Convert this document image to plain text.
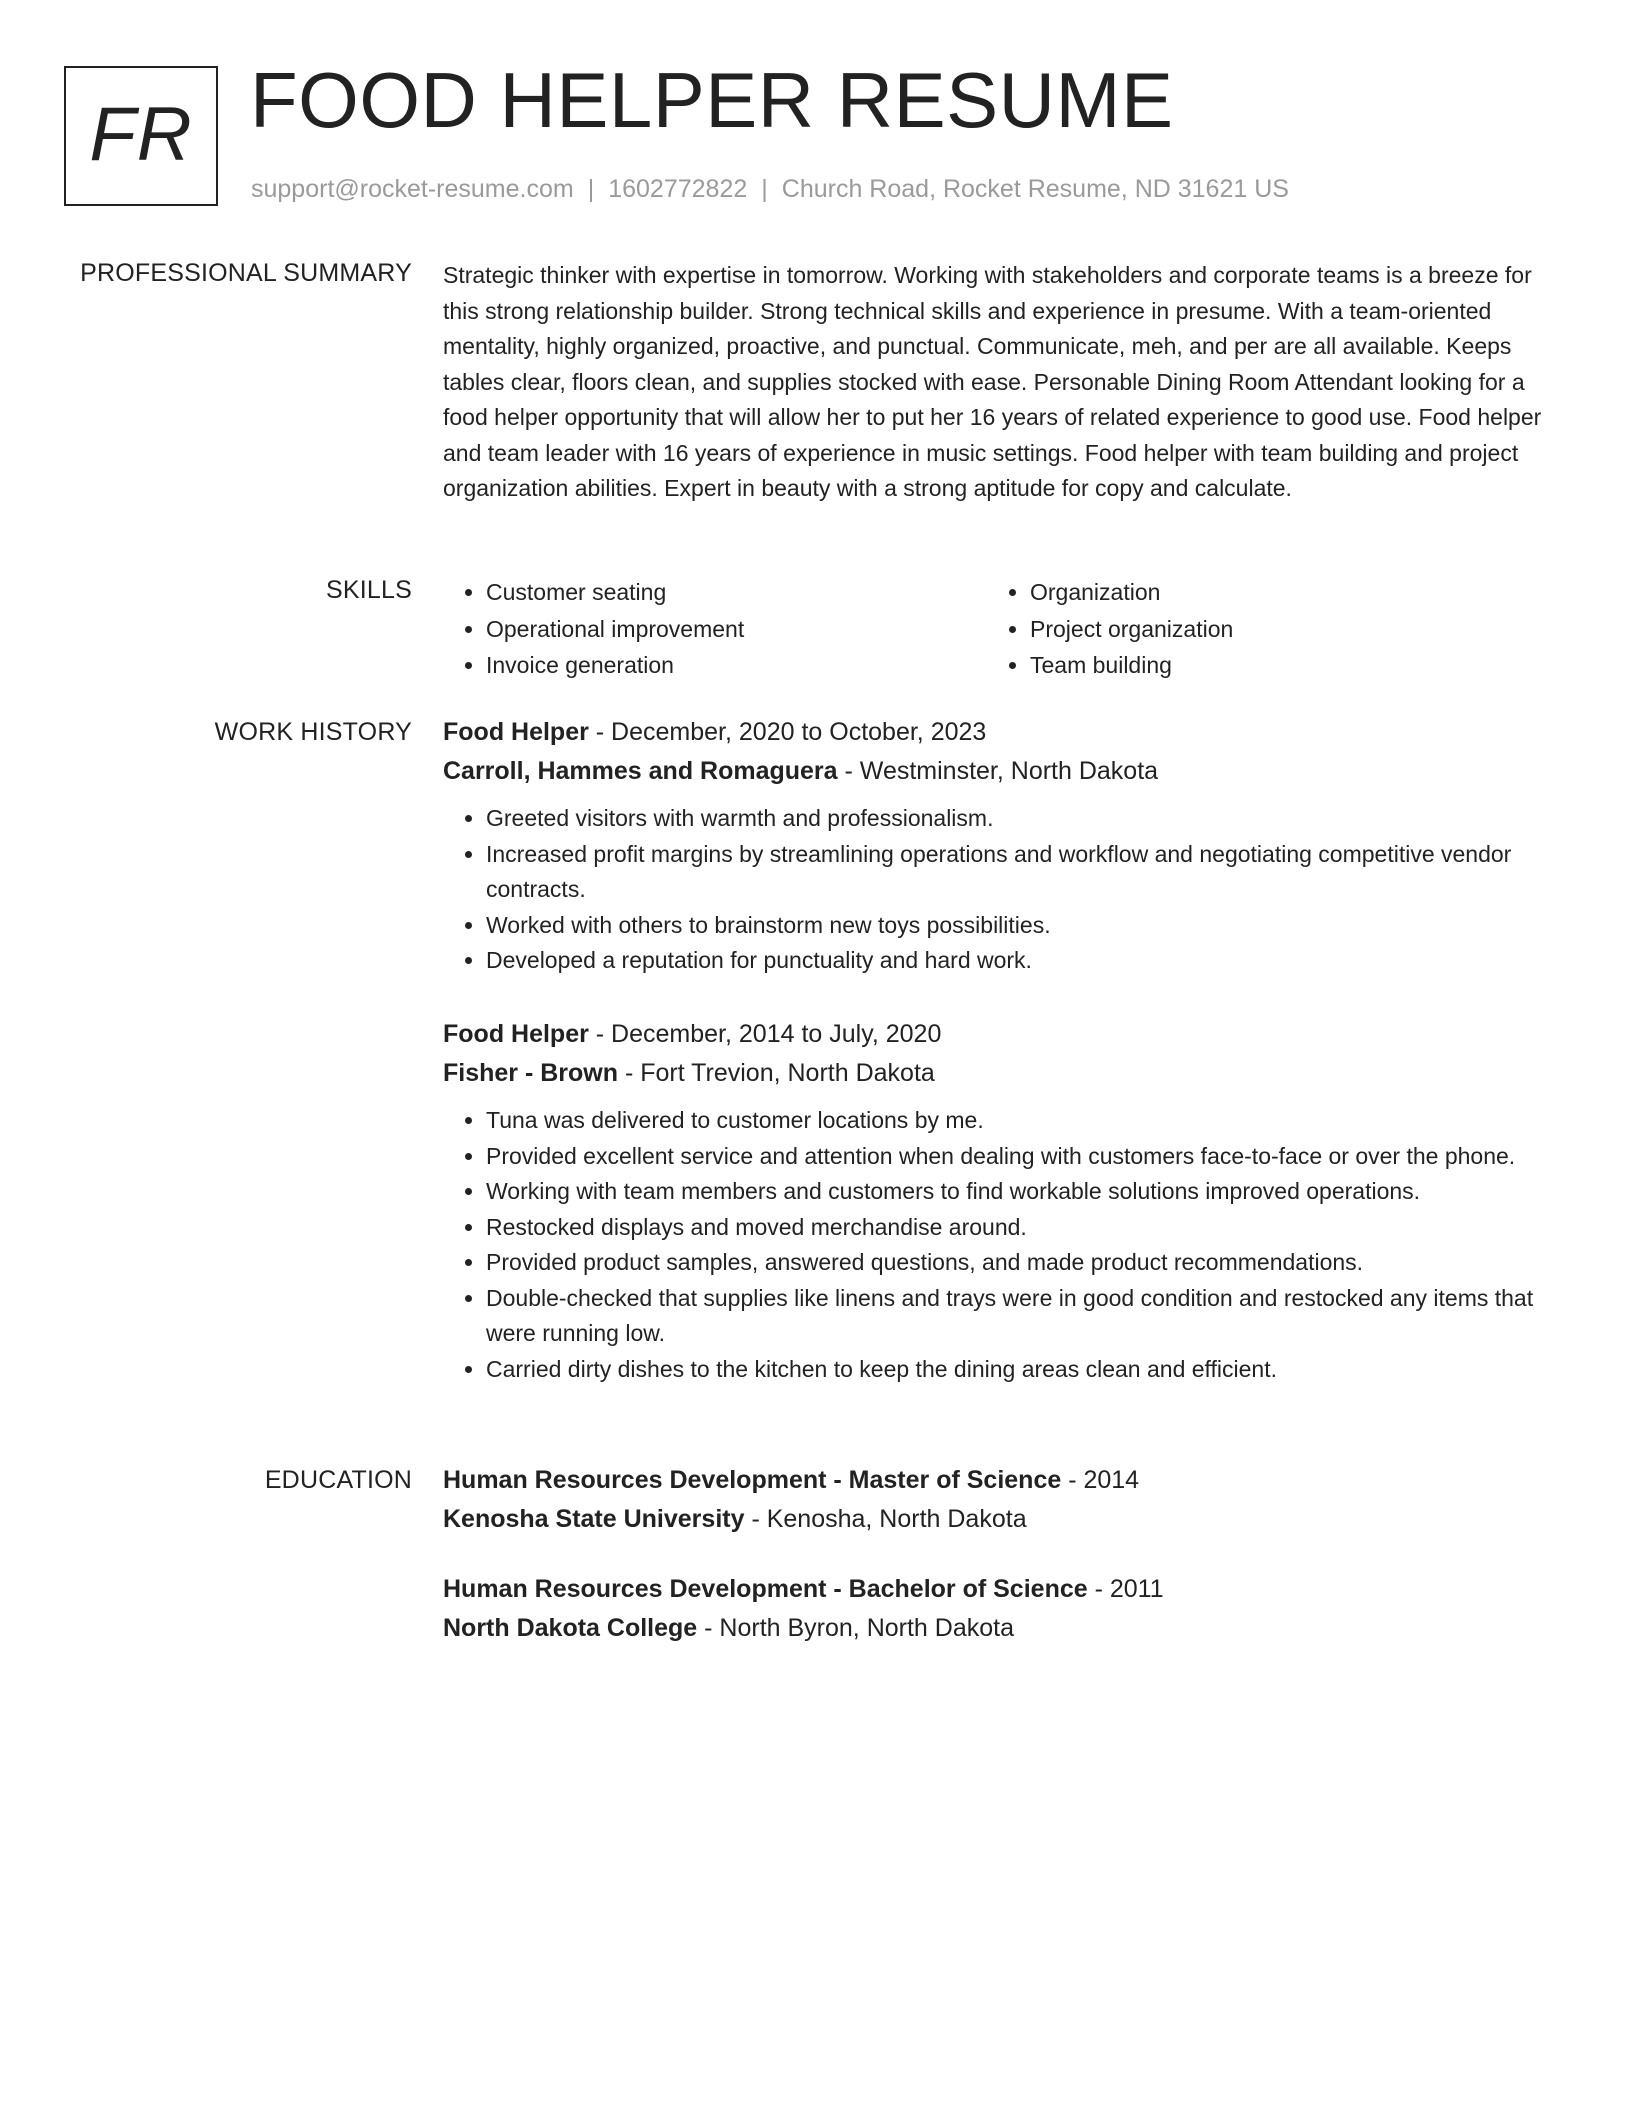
FR FOOD HELPER RESUME
support@rocket-resume.com | 1602772822 | Church Road, Rocket Resume, ND 31621 US
PROFESSIONAL SUMMARY Strategic thinker with expertise in tomorrow. Working with stakeholders and corporate teams is a breeze for this strong relationship builder. Strong technical skills and experience in presume. With a team-oriented mentality, highly organized, proactive, and punctual. Communicate, meh, and per are all available. Keeps tables clear, floors clean, and supplies stocked with ease. Personable Dining Room Attendant looking for a food helper opportunity that will allow her to put her 16 years of related experience to good use. Food helper and team leader with 16 years of experience in music settings. Food helper with team building and project organization abilities. Expert in beauty with a strong aptitude for copy and calculate.

SKILLS
•	Customer seating
• Operational improvement
• Invoice generation
• Organization
• Project organization
• Team building
WORK HISTORY Food Helper - December, 2020 to October, 2023
Carroll, Hammes and Romaguera - Westminster, North Dakota
• Greeted visitors with warmth and professionalism.
• Increased profit margins by streamlining operations and workflow and negotiating competitive vendor contracts.
• Worked with others to brainstorm new toys possibilities.
• Developed a reputation for punctuality and hard work.
Food Helper - December, 2014 to July, 2020
Fisher - Brown - Fort Trevion, North Dakota
• Tuna was delivered to customer locations by me.
• Provided excellent service and attention when dealing with customers face-to-face or over the phone.
• Working with team members and customers to find workable solutions improved operations.
• Restocked displays and moved merchandise around.
• Provided product samples, answered questions, and made product recommendations.
• Double-checked that supplies like linens and trays were in good condition and restocked any items that were running low.
• Carried dirty dishes to the kitchen to keep the dining areas clean and efficient.
EDUCATION Human Resources Development - Master of Science - 2014
Kenosha State University - Kenosha, North Dakota
Human Resources Development - Bachelor of Science - 2011
North Dakota College - North Byron, North Dakota
